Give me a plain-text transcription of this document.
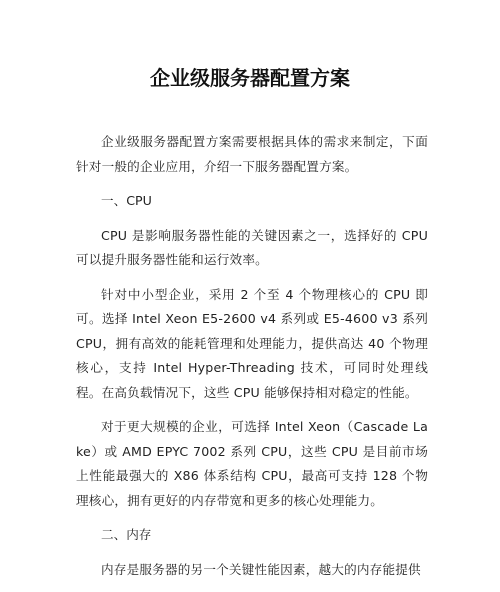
企业级服务器配置方案

企业级服务器配置方案需要根据具体的需求来制定，下面针对一般的企业应用，介绍一下服务器配置方案。

一、CPU

CPU 是影响服务器性能的关键因素之一，选择好的 CPU 可以提升服务器性能和运行效率。

针对中小型企业，采用 2 个至 4 个物理核心的 CPU 即可。选择 Intel Xeon E5-2600 v4 系列或 E5-4600 v3 系列 CPU，拥有高效的能耗管理和处理能力，提供高达 40 个物理核心，支持 Intel Hyper-Threading 技术，可同时处理线程。在高负载情况下，这些 CPU 能够保持相对稳定的性能。

对于更大规模的企业，可选择 Intel Xeon（Cascade Lake）或 AMD EPYC 7002 系列 CPU，这些 CPU 是目前市场上性能最强大的 X86 体系结构 CPU，最高可支持 128 个物理核心，拥有更好的内存带宽和更多的核心处理能力。

二、内存

内存是服务器的另一个关键性能因素，越大的内存能提供
